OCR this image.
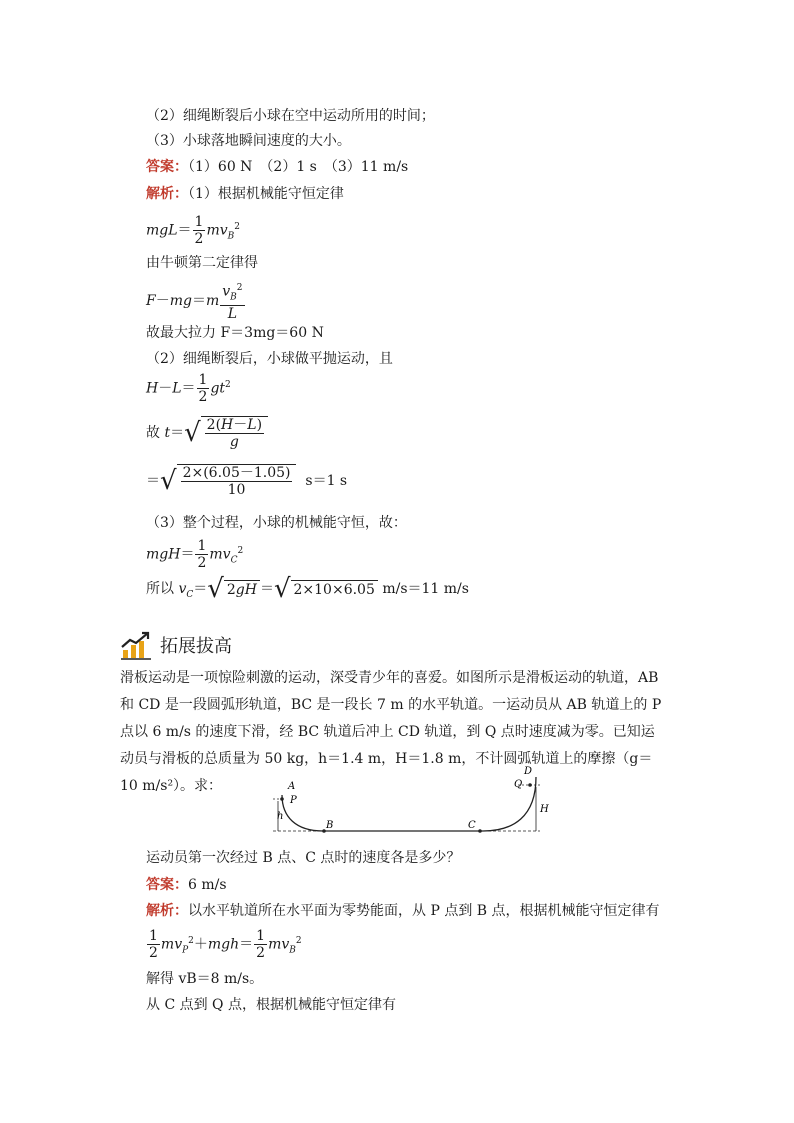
（2）细绳断裂后小球在空中运动所用的时间；
（3）小球落地瞬间速度的大小。
答案：（1）60 N　（2）1 s　（3）11 m/s
解析：（1）根据机械能守恒定律
$mgL= \frac{1}{2} mv_B^2$
由牛顿第二定律得
$F-mg=m \frac{v_B^2}{L}$
故最大拉力 F＝3mg＝60 N
（2）细绳断裂后，小球做平抛运动，且
$H-L= \frac{1}{2} gt^2$
故 t＝ √ $\frac{2(H-L)}{g}$
＝ √ $\frac{2\times(6.05-1.05)}{10} s=1$ s
（3）整个过程，小球的机械能守恒，故：
$mgH= \frac{1}{2} mv_C^2$
所以 $v_C=$ √ 2gH ＝ √ 2×10×6.05 m/s＝11 m/s
拓展拔高
滑板运动是一项惊险刺激的运动，深受青少年的喜爱。如图所示是滑板运动的轨道，AB和 CD 是一段圆弧形轨道，BC 是一段长 7 m 的水平轨道。一运动员从 AB 轨道上的 P 点以 6 m/s 的速度下滑，经 BC 轨道后冲上 CD 轨道，到 Q 点时速度减为零。已知运动员与滑板的总质量为 50 kg，h＝1.4 m，H＝1.8 m，不计圆弧轨道上的摩擦（g＝10 m/s²）。求：	A
P
h
B	C
D
Q
H
运动员第一次经过 B 点、C 点时的速度各是多少？
答案：6 m/s
解析：以水平轨道所在水平面为零势能面，从 P 点到 B 点，根据机械能守恒定律有
$\frac{1}{2} mv_P^2+mgh= \frac{1}{2} mv_B^2$
解得 vB＝8 m/s。
从 C 点到 Q 点，根据机械能守恒定律有
